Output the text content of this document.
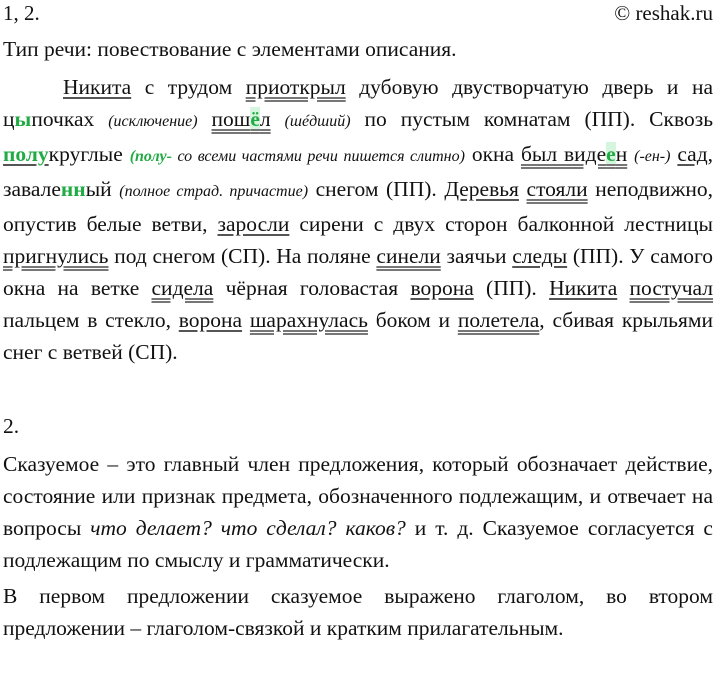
1, 2.	© reshak.ru

Тип речи: повествование с элементами описания.

Никита с трудом приоткрыл дубовую двустворчатую дверь и на цыпочках (исключение) пошёл (шéдший) по пустым комнатам (ПП). Сквозь полукруглые (полу- со всеми частями речи пишется слитно) окна был видeен (-ен-) сад, заваленный (полное страд. причастие) снегом (ПП). Деревья стояли неподвижно, опустив белые ветви, заросли сирени с двух сторон балконной лестницы пригнулись под снегом (СП). На поляне синели заячьи следы (ПП). У самого окна на ветке сидела чёрная головастая ворона (ПП). Никита постучал пальцем в стекло, ворона шарахнулась боком и полетела, сбивая крыльями снег с ветвей (СП).

2.

Сказуемое – это главный член предложения, который обозначает действие, состояние или признак предмета, обозначенного подлежащим, и отвечает на вопросы что делает? что сделал? каков? и т. д. Сказуемое согласуется с подлежащим по смыслу и грамматически.

В первом предложении сказуемое выражено глаголом, во втором предложении – глаголом-связкой и кратким прилагательным.
